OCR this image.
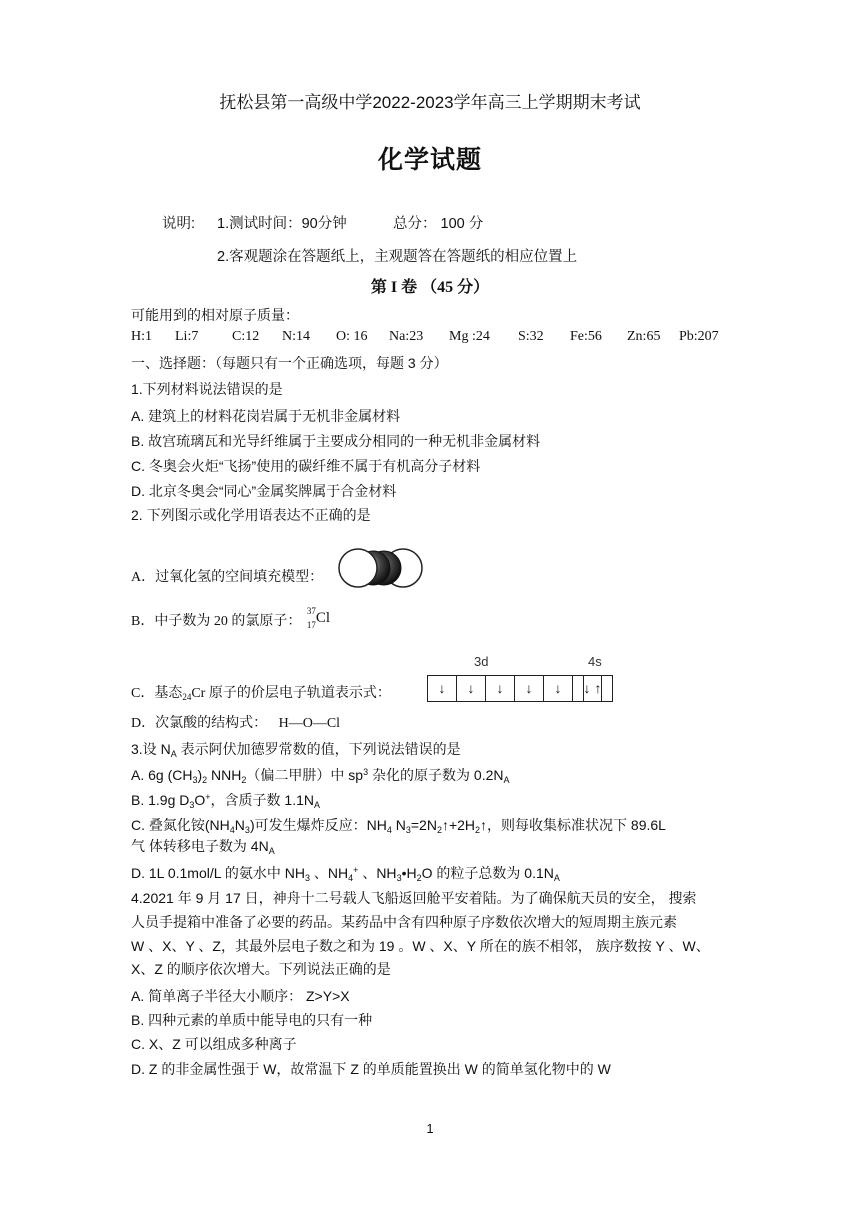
抚松县第一高级中学2022-2023学年高三上学期期末考试
化学试题
说明: 1.测试时间：90分钟	总分： 100 分
2.客观题涂在答题纸上，主观题答在答题纸的相应位置上
第 I 卷 （45 分）
可能用到的相对原子质量：
H:1 Li:7 C:12 N:14 O: 16 Na:23 Mg :24 S:32 Fe:56 Zn:65 Pb:207
一、选择题：（每题只有一个正确选项，每题 3 分）
1.下列材料说法错误的是
A. 建筑上的材料花岗岩属于无机非金属材料
B. 故宫琉璃瓦和光导纤维属于主要成分相同的一种无机非金属材料
C. 冬奥会火炬“飞扬”使用的碳纤维不属于有机高分子材料
D. 北京冬奥会“同心”金属奖牌属于合金材料
2. 下列图示或化学用语表达不正确的是
A．过氧化氢的空间填充模型：
B．中子数为 20 的氯原子：
37
17 Cl
3d	4s
C．基态$_{24}$Cr 原子的价层电子轨道表示式：	↓	↓	↓	↓	↓	↓ ↑
D．次氯酸的结构式： H—O—Cl
3.设 $N_A$ 表示阿伏加德罗常数的值，下列说法错误的是
A. 6g $(CH_3)_2$ $NNH_2$（偏二甲肼）中 $sp^3$ 杂化的原子数为 $0.2N_A$
B. 1.9g $D_3O^+$，含质子数 $1.1N_A$
C. 叠氮化铵$(NH_4N_3)$可发生爆炸反应：$NH_4$ $N_3=2N_2↑+2H_2↑$，则每收集标准状况下 89.6L
气 体转移电子数为 $4N_A$
D. 1L 0.1mol/L 的氨水中 $NH_3$ 、$NH_4^+$ 、$NH_3•H_2O$ 的粒子总数为 $0.1N_A$
4.2021 年 9 月 17 日，神舟十二号载人飞船返回舱平安着陆。为了确保航天员的安全， 搜索
人员手提箱中准备了必要的药品。某药品中含有四种原子序数依次增大的短周期主族元素
W 、X、Y 、Z，其最外层电子数之和为 19 。W 、X、Y 所在的族不相邻， 族序数按 Y 、W、
X、Z 的顺序依次增大。下列说法正确的是
A. 简单离子半径大小顺序： Z>Y>X
B. 四种元素的单质中能导电的只有一种
C. X、Z 可以组成多种离子
D. Z 的非金属性强于 W，故常温下 Z 的单质能置换出 W 的简单氢化物中的 W
1
